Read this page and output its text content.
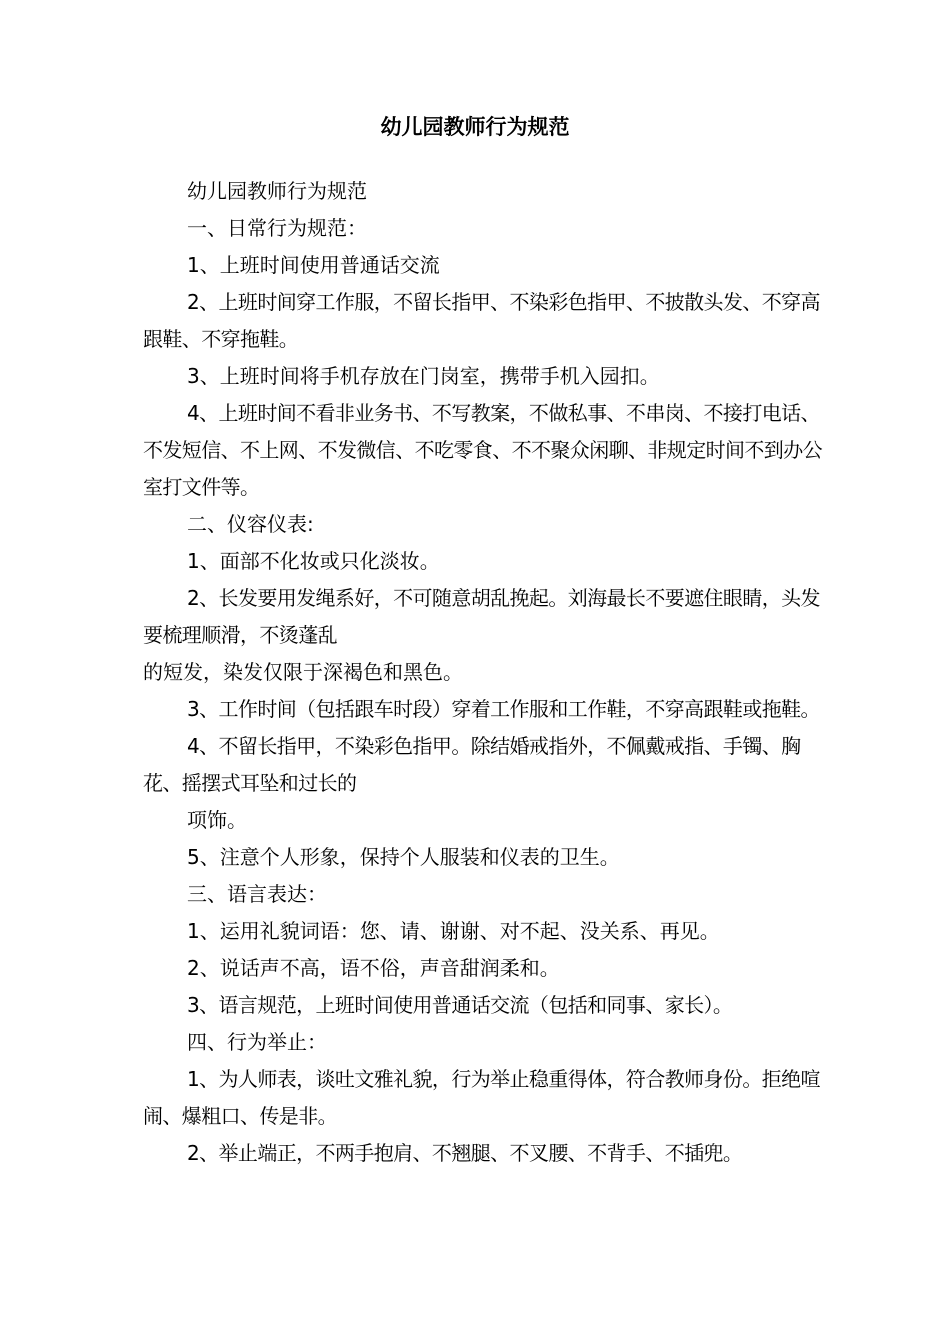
幼儿园教师行为规范

幼儿园教师行为规范

一、日常行为规范：

1、上班时间使用普通话交流

2、上班时间穿工作服，不留长指甲、不染彩色指甲、不披散头发、不穿高跟鞋、不穿拖鞋。

3、上班时间将手机存放在门岗室，携带手机入园扣。

4、上班时间不看非业务书、不写教案，不做私事、不串岗、不接打电话、不发短信、不上网、不发微信、不吃零食、不不聚众闲聊、非规定时间不到办公室打文件等。

二、仪容仪表:

1、面部不化妆或只化淡妆。

2、长发要用发绳系好，不可随意胡乱挽起。刘海最长不要遮住眼睛，头发要梳理顺滑，不烫蓬乱

的短发，染发仅限于深褐色和黑色。

3、工作时间（包括跟车时段）穿着工作服和工作鞋，不穿高跟鞋或拖鞋。

4、不留长指甲，不染彩色指甲。除结婚戒指外，不佩戴戒指、手镯、胸花、摇摆式耳坠和过长的

项饰。

5、注意个人形象，保持个人服装和仪表的卫生。

三、语言表达：

1、运用礼貌词语：您、请、谢谢、对不起、没关系、再见。

2、说话声不高，语不俗，声音甜润柔和。

3、语言规范，上班时间使用普通话交流（包括和同事、家长）。

四、行为举止：

1、为人师表，谈吐文雅礼貌，行为举止稳重得体，符合教师身份。拒绝喧闹、爆粗口、传是非。

2、举止端正，不两手抱肩、不翘腿、不叉腰、不背手、不插兜。
